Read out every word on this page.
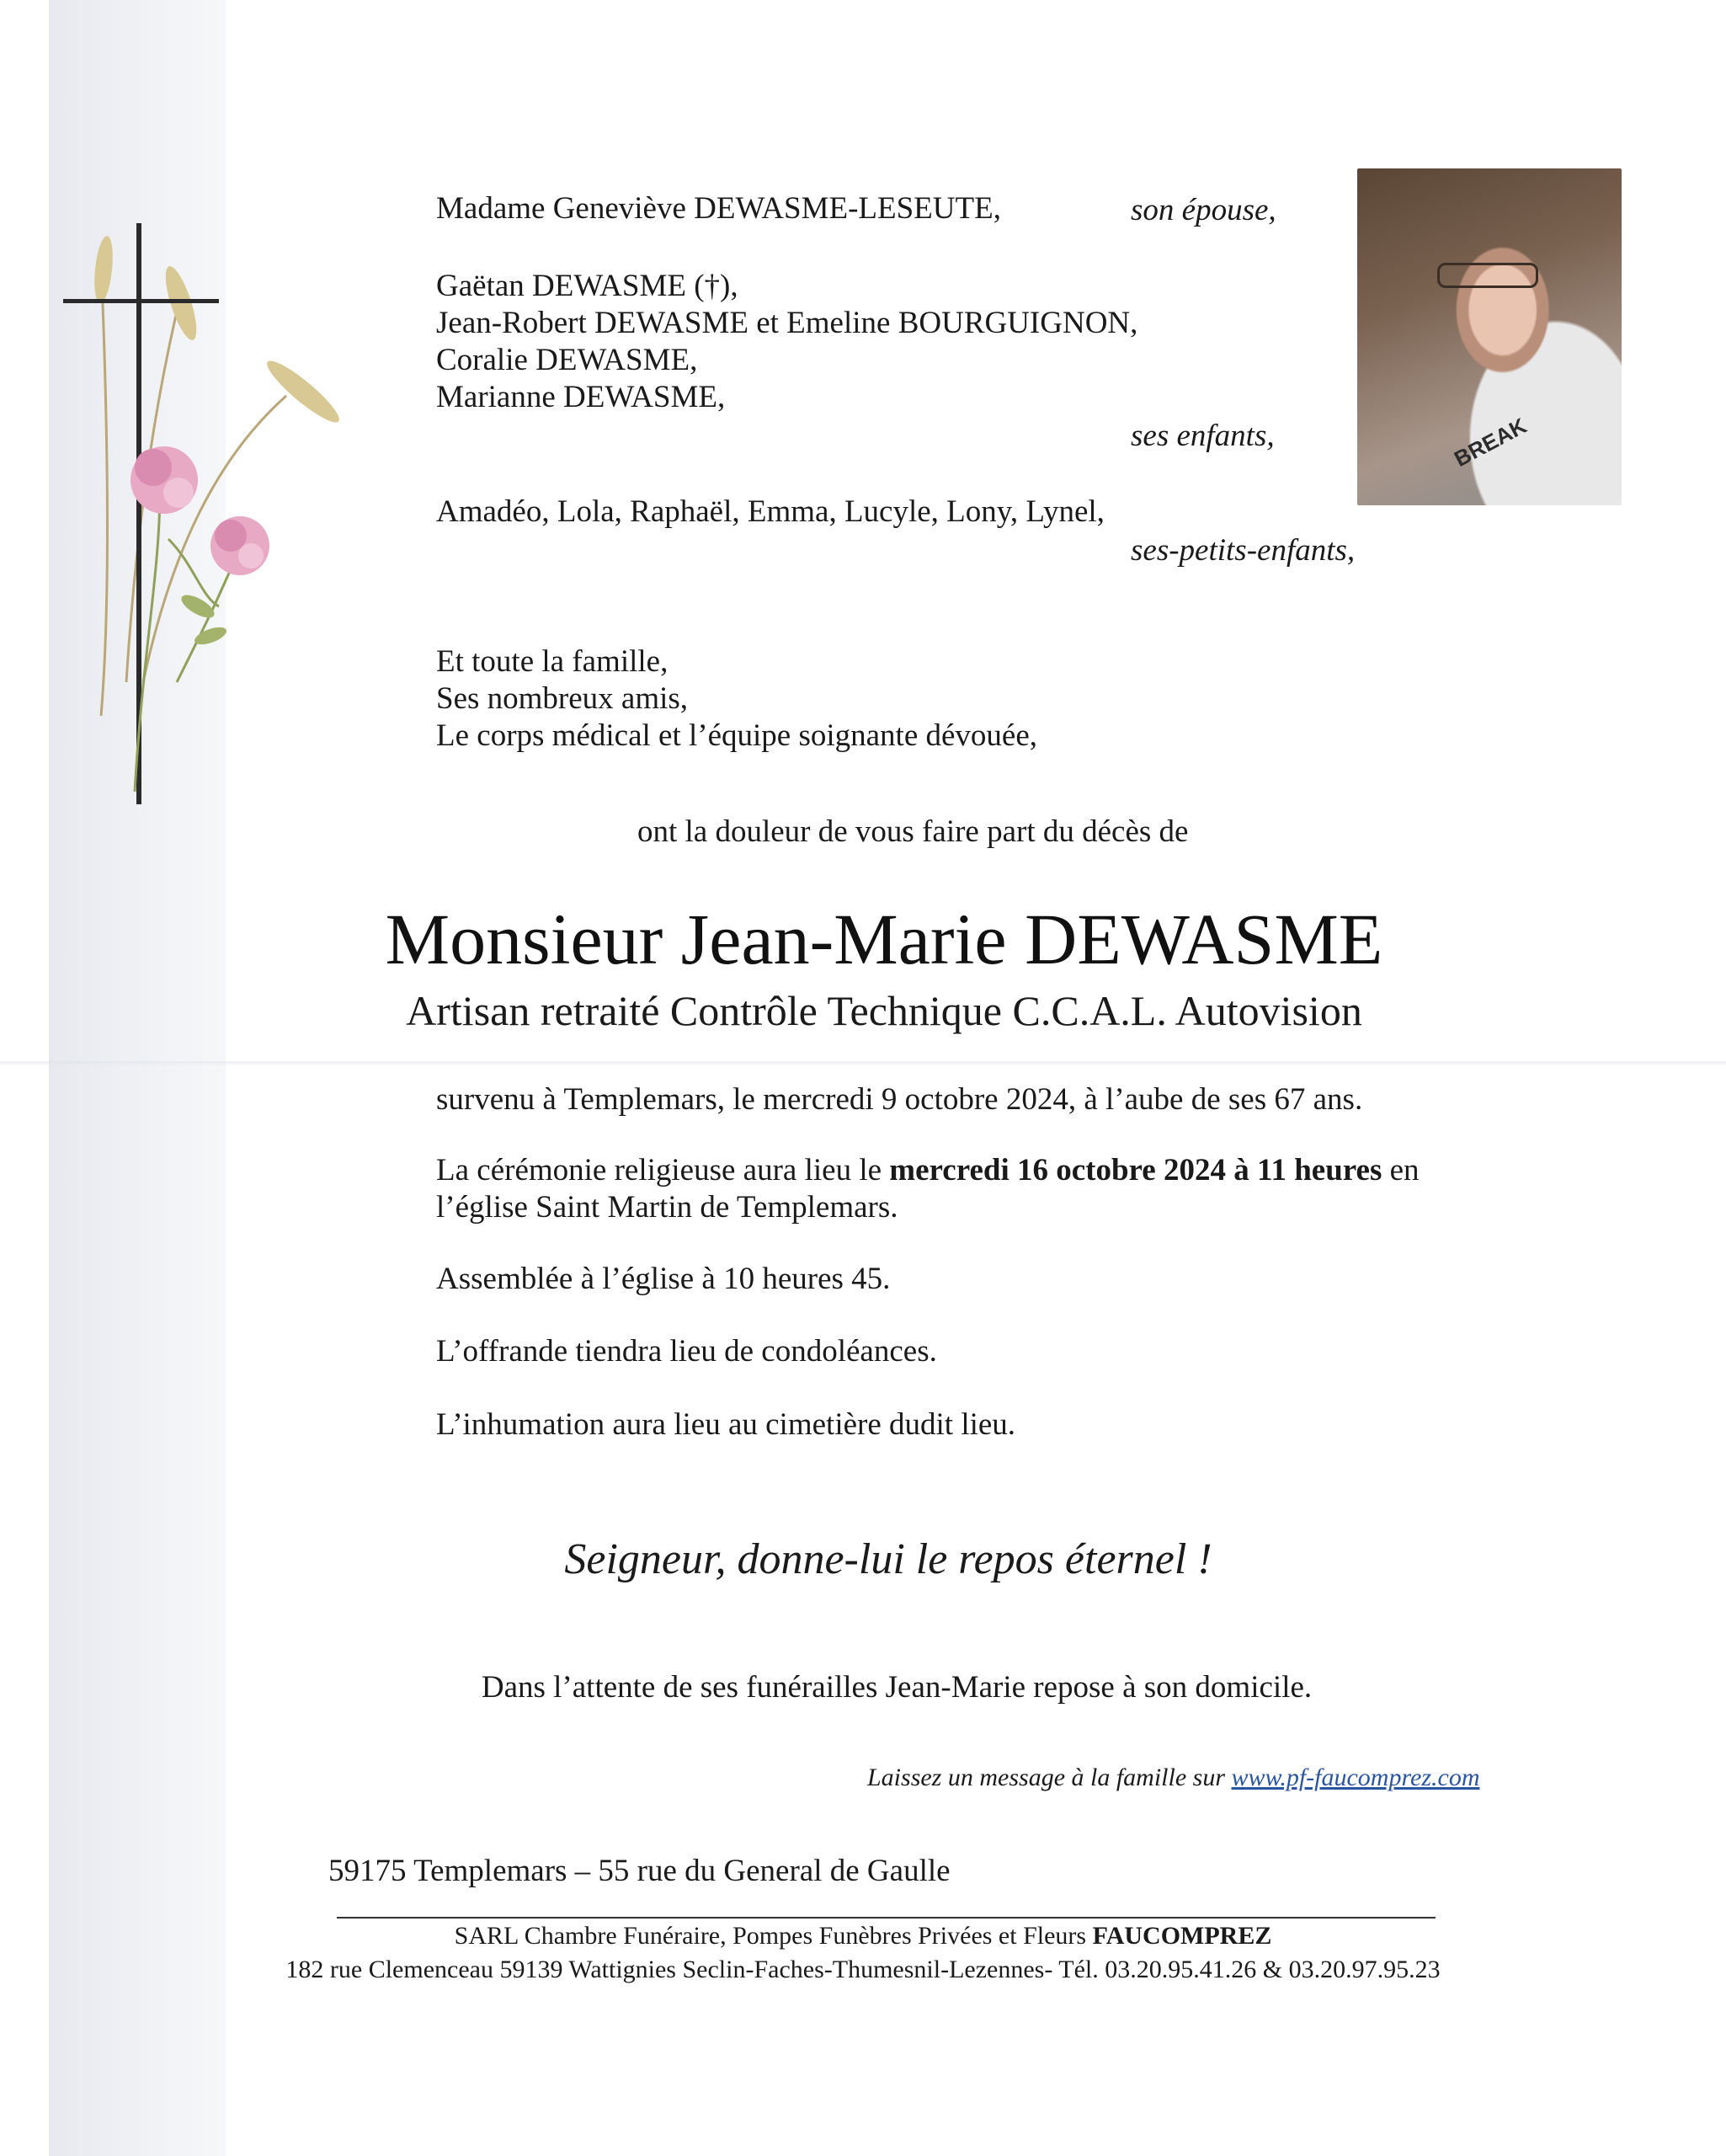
BREAK
Madame Geneviève DEWASME-LESEUTE,	son épouse,
Gaëtan DEWASME (†),
Jean-Robert DEWASME et Emeline BOURGUIGNON,
Coralie DEWASME,
Marianne DEWASME,
ses enfants,
Amadéo, Lola, Raphaël, Emma, Lucyle, Lony, Lynel,
ses-petits-enfants,
Et toute la famille,
Ses nombreux amis,
Le corps médical et l’équipe soignante dévouée,
ont la douleur de vous faire part du décès de
Monsieur Jean-Marie DEWASME
Artisan retraité Contrôle Technique C.C.A.L. Autovision
survenu à Templemars, le mercredi 9 octobre 2024, à l’aube de ses 67 ans.
La cérémonie religieuse aura lieu le mercredi 16 octobre 2024 à 11 heures en
l’église Saint Martin de Templemars.
Assemblée à l’église à 10 heures 45.
L’offrande tiendra lieu de condoléances.
L’inhumation aura lieu au cimetière dudit lieu.
Seigneur, donne-lui le repos éternel !
Dans l’attente de ses funérailles Jean-Marie repose à son domicile.
Laissez un message à la famille sur www.pf-faucomprez.com
59175 Templemars – 55 rue du General de Gaulle
SARL Chambre Funéraire, Pompes Funèbres Privées et Fleurs FAUCOMPREZ
182 rue Clemenceau 59139 Wattignies Seclin-Faches-Thumesnil-Lezennes- Tél. 03.20.95.41.26 & 03.20.97.95.23
